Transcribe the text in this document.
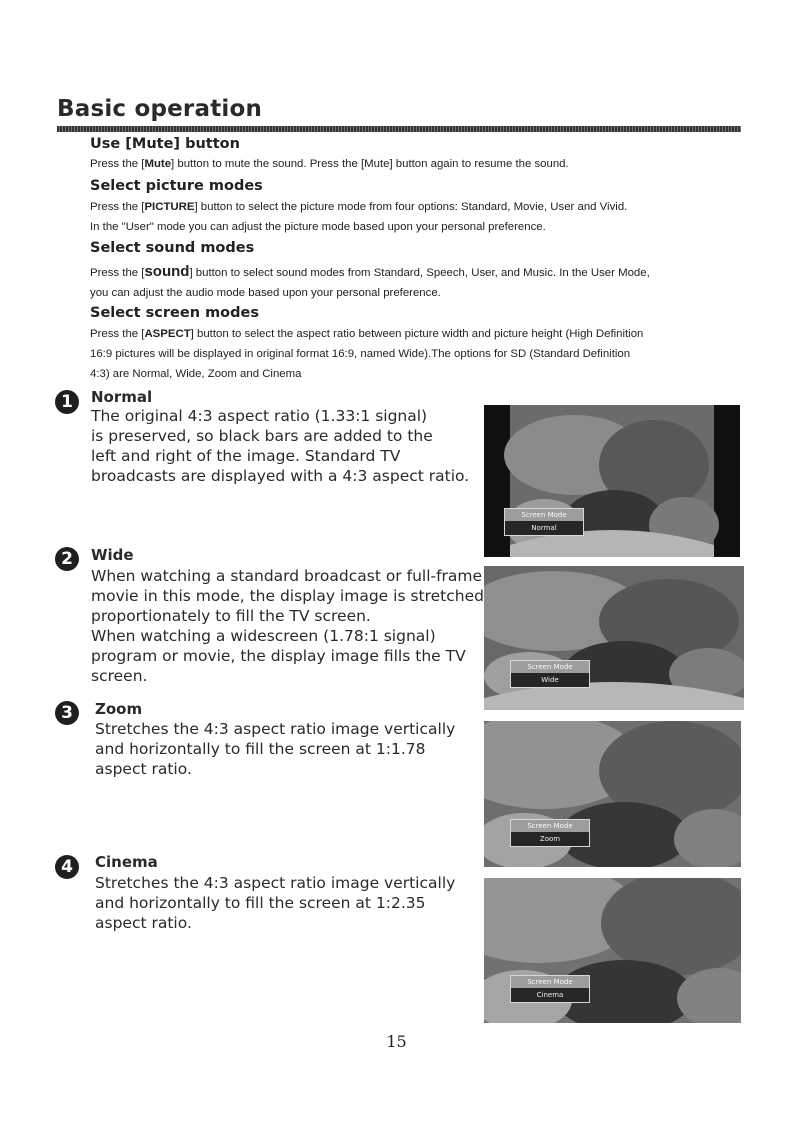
Basic operation
Use [Mute] button

Press the [Mute] button to mute the sound. Press the [Mute] button again to resume the sound.

Select picture modes

Press the [PICTURE] button to select the picture mode from four options: Standard, Movie, User and Vivid.
In the "User" mode you can adjust the picture mode based upon your personal preference.

Select sound modes

Press the [sound] button to select sound modes from Standard, Speech, User, and Music. In the User Mode,
you can adjust the audio mode based upon your personal preference.

Select screen modes

Press the [ASPECT] button to select the aspect ratio between picture width and picture height (High Definition
16:9 pictures will be displayed in original format 16:9, named Wide).The options for SD (Standard Definition
4:3) are Normal, Wide, Zoom and Cinema

1	Normal

The original 4:3 aspect ratio (1.33:1 signal)
is preserved, so black bars are added to the
left and right of the image. Standard TV
broadcasts are displayed with a 4:3 aspect ratio.

Screen Mode
Normal
2	Wide

When watching a standard broadcast or full-frame
movie in this mode, the display image is stretched
proportionately to fill the TV screen.
When watching a widescreen (1.78:1 signal)
program or movie, the display image fills the TV
screen.	Screen Mode
Wide
3	Zoom

Stretches the 4:3 aspect ratio image vertically
and horizontally to fill the screen at 1:1.78
aspect ratio.

Screen Mode
Zoom
4	Cinema

Stretches the 4:3 aspect ratio image vertically
and horizontally to fill the screen at 1:2.35
aspect ratio.

Screen Mode
Cinema
15
